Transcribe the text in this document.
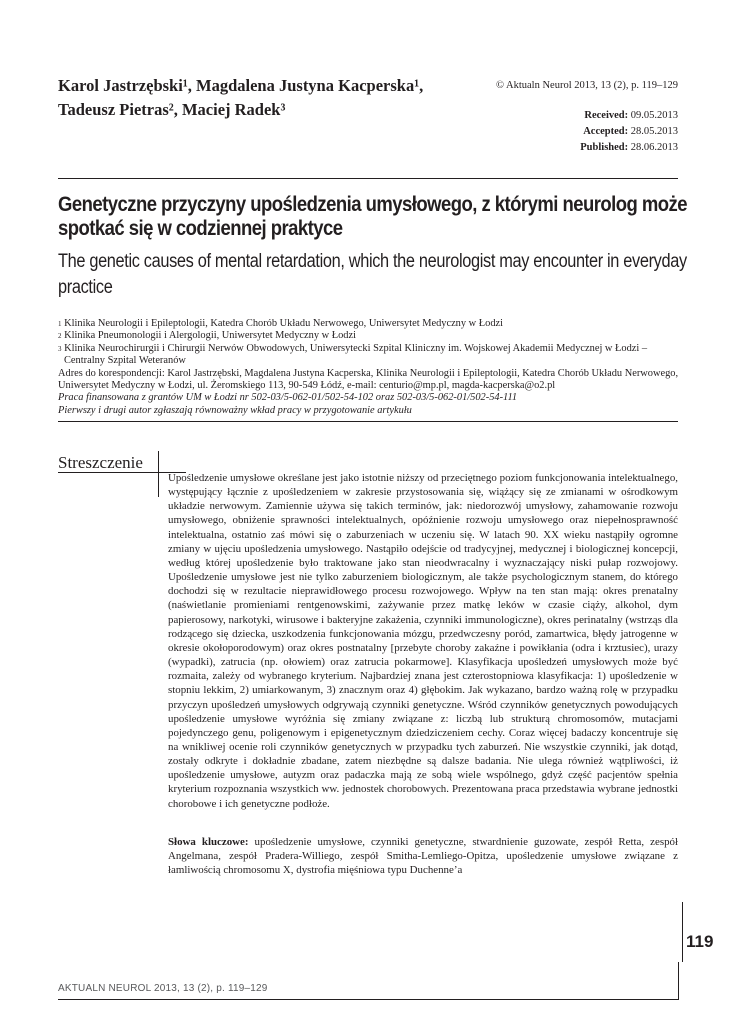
Karol Jastrzębski¹, Magdalena Justyna Kacperska¹,
Tadeusz Pietras², Maciej Radek³
© Aktualn Neurol 2013, 13 (2), p. 119–129
Received: 09.05.2013
Accepted: 28.05.2013
Published: 28.06.2013
Genetyczne przyczyny upośledzenia umysłowego, z którymi neurolog może spotkać się w codziennej praktyce
The genetic causes of mental retardation, which the neurologist may encounter in everyday practice

$^1$ Klinika Neurologii i Epileptologii, Katedra Chorób Układu Nerwowego, Uniwersytet Medyczny w Łodzi

$^2$ Klinika Pneumonologii i Alergologii, Uniwersytet Medyczny w Łodzi

$^3$ Klinika Neurochirurgii i Chirurgii Nerwów Obwodowych, Uniwersytecki Szpital Kliniczny im. Wojskowej Akademii Medycznej w Łodzi –

Centralny Szpital Weteranów

Adres do korespondencji: Karol Jastrzębski, Magdalena Justyna Kacperska, Klinika Neurologii i Epileptologii, Katedra Chorób Układu Nerwowego, Uniwersytet Medyczny w Łodzi, ul. Żeromskiego 113, 90-549 Łódź, e-mail: centurio@mp.pl, magda-kacperska@o2.pl

Praca finansowana z grantów UM w Łodzi nr 502-03/5-062-01/502-54-102 oraz 502-03/5-062-01/502-54-111

Pierwszy i drugi autor zgłaszają równoważny wkład pracy w przygotowanie artykułu

Streszczenie

Upośledzenie umysłowe określane jest jako istotnie niższy od przeciętnego poziom funkcjonowania intelektualnego, występujący łącznie z upośledzeniem w zakresie przystosowania się, wiążący się ze zmianami w ośrodkowym układzie nerwowym. Zamiennie używa się takich terminów, jak: niedorozwój umysłowy, zahamowanie rozwoju umysłowego, obniżenie sprawności intelektualnych, opóźnienie rozwoju umysłowego oraz niepełnosprawność intelektualna, ostatnio zaś mówi się o zaburzeniach w uczeniu się. W latach 90. XX wieku nastąpiły ogromne zmiany w ujęciu upośledzenia umysłowego. Nastąpiło odejście od tradycyjnej, medycznej i biologicznej koncepcji, według której upośledzenie było traktowane jako stan nieodwracalny i wyznaczający niski pułap rozwojowy. Upośledzenie umysłowe jest nie tylko zaburzeniem biologicznym, ale także psychologicznym stanem, do którego dochodzi się w rezultacie nieprawidłowego procesu rozwojowego. Wpływ na ten stan mają: okres prenatalny (naświetlanie promieniami rentgenowskimi, zażywanie przez matkę leków w czasie ciąży, alkohol, dym papierosowy, narkotyki, wirusowe i bakteryjne zakażenia, czynniki immunologiczne), okres perinatalny (wstrząs dla rodzącego się dziecka, uszkodzenia funkcjonowania mózgu, przedwczesny poród, zamartwica, błędy jatrogenne w okresie okołoporodowym) oraz okres postnatalny [przebyte choroby zakaźne i powikłania (odra i krztusiec), urazy (wypadki), zatrucia (np. ołowiem) oraz zatrucia pokarmowe]. Klasyfikacja upośledzeń umysłowych może być rozmaita, zależy od wybranego kryterium. Najbardziej znana jest czterostopniowa klasyfikacja: 1) upośledzenie w stopniu lekkim, 2) umiarkowanym, 3) znacznym oraz 4) głębokim. Jak wykazano, bardzo ważną rolę w przypadku przyczyn upośledzeń umysłowych odgrywają czynniki genetyczne. Wśród czynników genetycznych powodujących upośledzenie umysłowe wyróżnia się zmiany związane z: liczbą lub strukturą chromosomów, mutacjami pojedynczego genu, poligenowym i epigenetycznym dziedziczeniem cechy. Coraz więcej badaczy koncentruje się na wnikliwej ocenie roli czynników genetycznych w przypadku tych zaburzeń. Nie wszystkie czynniki, jak dotąd, zostały odkryte i dokładnie zbadane, zatem niezbędne są dalsze badania. Nie ulega również wątpliwości, iż upośledzenie umysłowe, autyzm oraz padaczka mają ze sobą wiele wspólnego, gdyż część pacjentów spełnia kryterium rozpoznania wszystkich ww. jednostek chorobowych. Prezentowana praca przedstawia wybrane jednostki chorobowe i ich genetyczne podłoże.

Słowa kluczowe: upośledzenie umysłowe, czynniki genetyczne, stwardnienie guzowate, zespół Retta, zespół Angelmana, zespół Pradera-Williego, zespół Smitha-Lemliego-Opitza, upośledzenie umysłowe związane z łamliwością chromosomu X, dystrofia mięśniowa typu Duchenne’a
119
AKTUALN NEUROL 2013, 13 (2), p. 119–129
